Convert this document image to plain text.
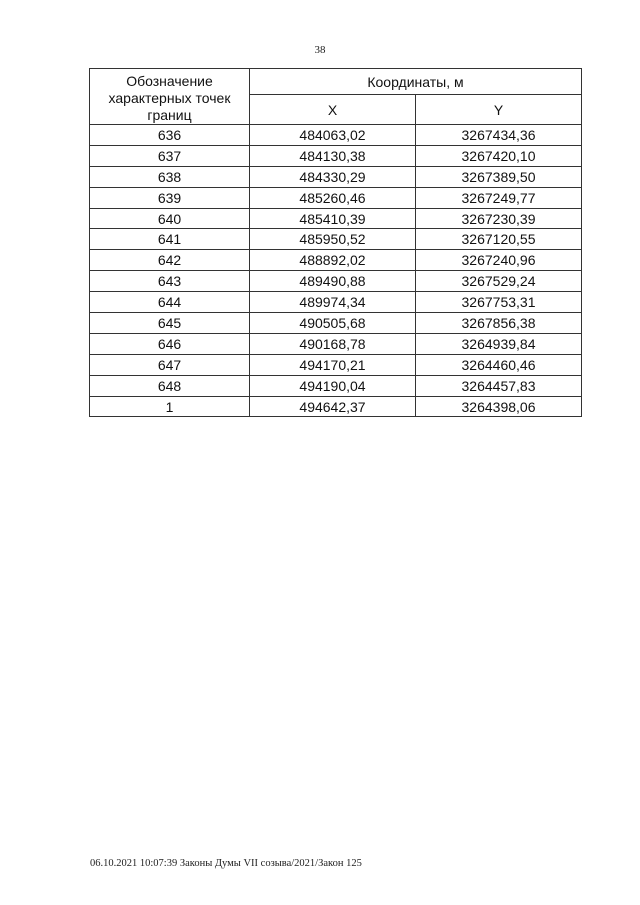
38
Обозначение характерных точек границ	Координаты, м	
	X	Y
636	484063,02	3267434,36
637	484130,38	3267420,10
638	484330,29	3267389,50
639	485260,46	3267249,77
640	485410,39	3267230,39
641	485950,52	3267120,55
642	488892,02	3267240,96
643	489490,88	3267529,24
644	489974,34	3267753,31
645	490505,68	3267856,38
646	490168,78	3264939,84
647	494170,21	3264460,46
648	494190,04	3264457,83
1	494642,37	3264398,06
06.10.2021 10:07:39 Законы Думы VII созыва/2021/Закон 125
